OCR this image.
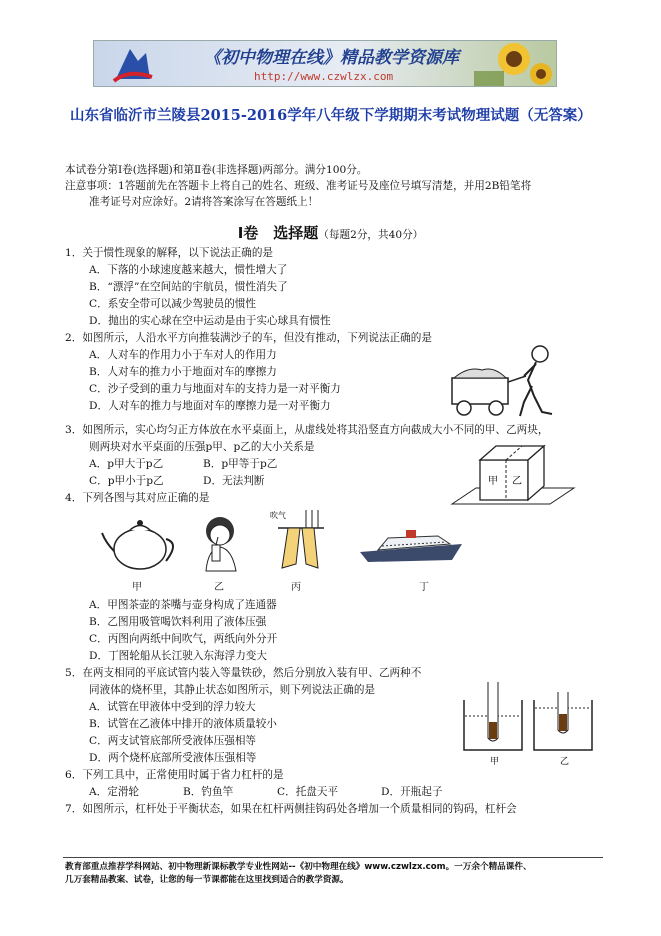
《初中物理在线》精品教学资源库
http://www.czwlzx.com
山东省临沂市兰陵县2015-2016学年八年级下学期期末考试物理试题（无答案）
本试卷分第Ⅰ卷(选择题)和第Ⅱ卷(非选择题)两部分。满分100分。
注意事项：1答题前先在答题卡上将自己的姓名、班级、准考证号及座位号填写清楚，并用2B铅笔将
准考证号对应涂好。2请将答案涂写在答题纸上！
Ⅰ卷　选择题（每题2分，共40分）
1．关于惯性现象的解释，以下说法正确的是
A．下落的小球速度越来越大，惯性增大了
B．“漂浮”在空间站的宇航员，惯性消失了
C．系安全带可以减少驾驶员的惯性
D．抛出的实心球在空中运动是由于实心球具有惯性
2．如图所示，人沿水平方向推装满沙子的车，但没有推动，下列说法正确的是
A．人对车的作用力小于车对人的作用力
B．人对车的推力小于地面对车的摩擦力
C．沙子受到的重力与地面对车的支持力是一对平衡力
D．人对车的推力与地面对车的摩擦力是一对平衡力
3．如图所示，实心均匀正方体放在水平桌面上，从虚线处将其沿竖直方向截成大小不同的甲、乙两块，
则两块对水平桌面的压强p甲、p乙的大小关系是
A．p甲大于p乙	B．p甲等于p乙
C．p甲小于p乙	D．无法判断	甲 乙
4．下列各图与其对应正确的是
吹气
甲	乙	丙	丁
A．甲图茶壶的茶嘴与壶身构成了连通器
B．乙图用吸管喝饮料利用了液体压强
C．丙图向两纸中间吹气，两纸向外分开
D．丁图轮船从长江驶入东海浮力变大
5．在两支相同的平底试管内装入等量铁砂，然后分别放入装有甲、乙两种不
同液体的烧杯里，其静止状态如图所示，则下列说法正确的是
A．试管在甲液体中受到的浮力较大
B．试管在乙液体中排开的液体质量较小
C．两支试管底部所受液体压强相等
D．两个烧杯底部所受液体压强相等	甲	乙
6．下列工具中，正常使用时属于省力杠杆的是
A．定滑轮	B．钓鱼竿	C．托盘天平	D．开瓶起子
7．如图所示，杠杆处于平衡状态，如果在杠杆两侧挂钩码处各增加一个质量相同的钩码，杠杆会
教育部重点推荐学科网站、初中物理新课标教学专业性网站--《初中物理在线》www.czwlzx.com。一万余个精品课件、
几万套精品教案、试卷，让您的每一节课都能在这里找到适合的教学资源。
